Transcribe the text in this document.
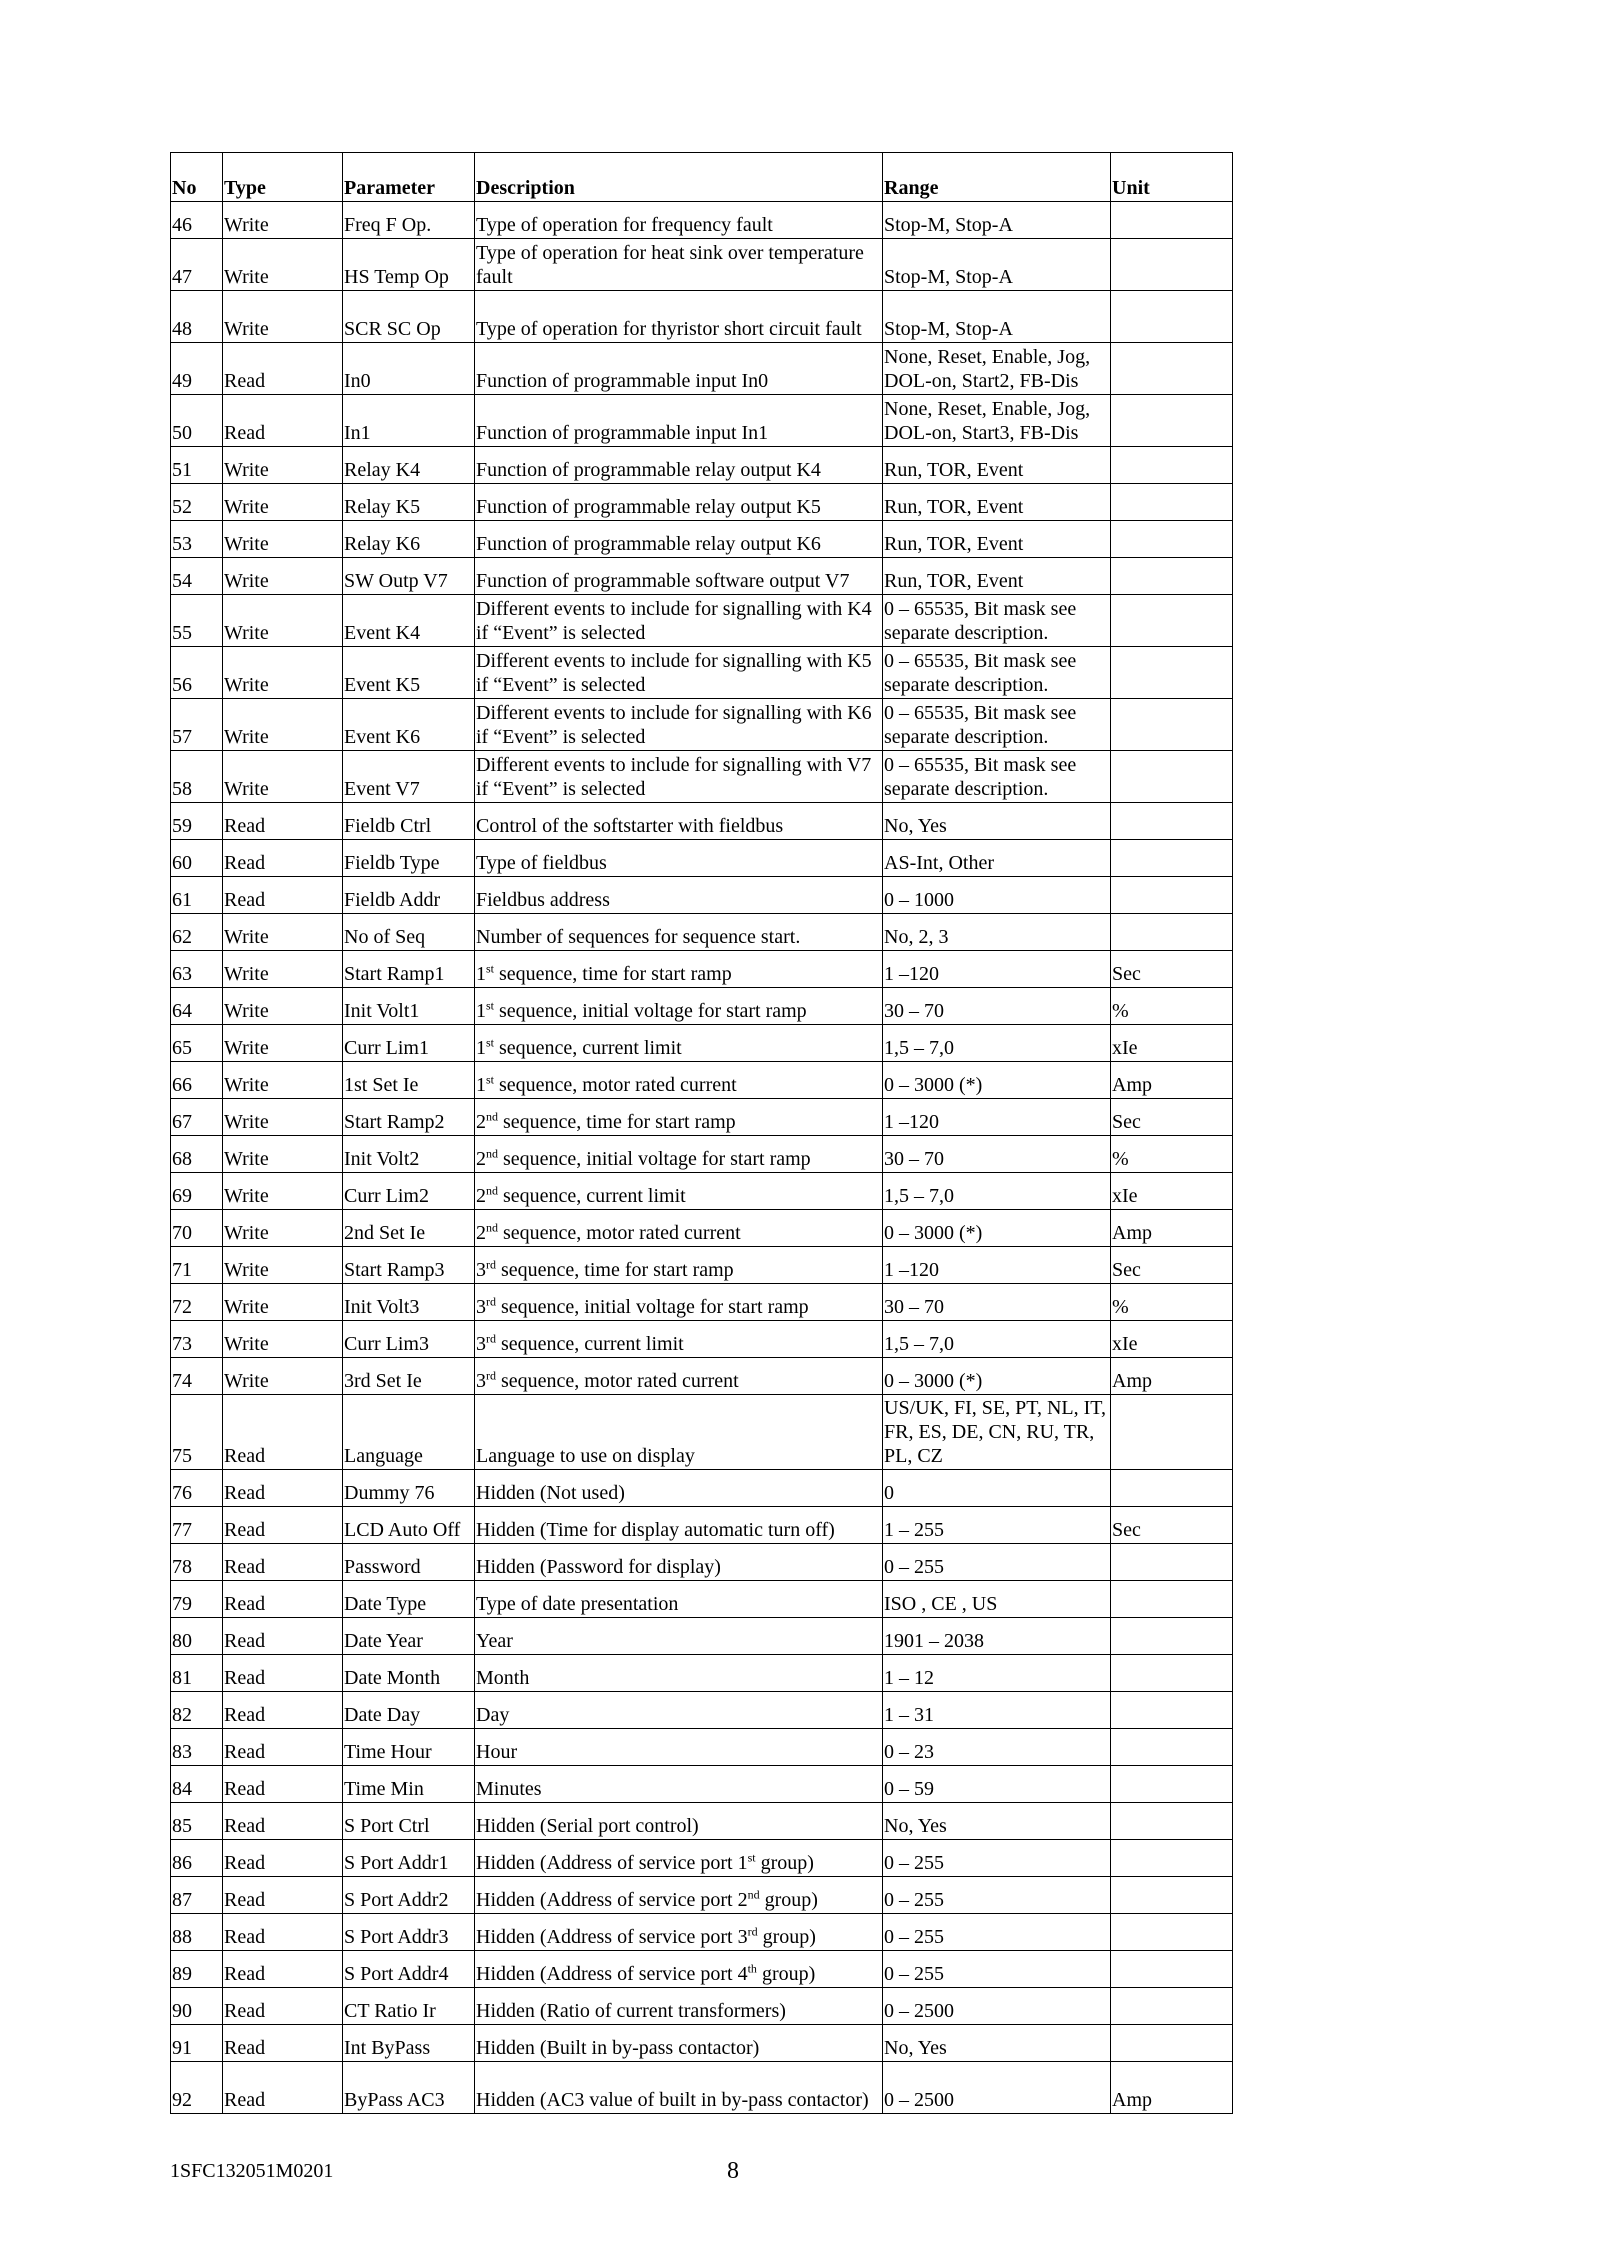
No	Type	Parameter	Description	Range	Unit
46	Write	Freq F Op.	Type of operation for frequency fault	Stop-M, Stop-A	
47	Write	HS Temp Op	Type of operation for heat sink over temperature fault	Stop-M, Stop-A	
48	Write	SCR SC Op	Type of operation for thyristor short circuit fault	Stop-M, Stop-A	
49	Read	In0	Function of programmable input In0	None, Reset, Enable, Jog, DOL-on, Start2, FB-Dis	
50	Read	In1	Function of programmable input In1	None, Reset, Enable, Jog, DOL-on, Start3, FB-Dis	
51	Write	Relay K4	Function of programmable relay output K4	Run, TOR, Event	
52	Write	Relay K5	Function of programmable relay output K5	Run, TOR, Event	
53	Write	Relay K6	Function of programmable relay output K6	Run, TOR, Event	
54	Write	SW Outp V7	Function of programmable software output V7	Run, TOR, Event	
55	Write	Event K4	Different events to include for signalling with K4 if “Event” is selected	0 – 65535, Bit mask see separate description.	
56	Write	Event K5	Different events to include for signalling with K5 if “Event” is selected	0 – 65535, Bit mask see separate description.	
57	Write	Event K6	Different events to include for signalling with K6 if “Event” is selected	0 – 65535, Bit mask see separate description.	
58	Write	Event V7	Different events to include for signalling with V7 if “Event” is selected	0 – 65535, Bit mask see separate description.	
59	Read	Fieldb Ctrl	Control of the softstarter with fieldbus	No, Yes	
60	Read	Fieldb Type	Type of fieldbus	AS-Int, Other	
61	Read	Fieldb Addr	Fieldbus address	0 – 1000	
62	Write	No of Seq	Number of sequences for sequence start.	No, 2, 3	
63	Write	Start Ramp1	1st sequence, time for start ramp	1 –120	Sec
64	Write	Init Volt1	1st sequence, initial voltage for start ramp	30 – 70	%
65	Write	Curr Lim1	1st sequence, current limit	1,5 – 7,0	xIe
66	Write	1st Set Ie	1st sequence, motor rated current	0 – 3000 (*)	Amp
67	Write	Start Ramp2	2nd sequence, time for start ramp	1 –120	Sec
68	Write	Init Volt2	2nd sequence, initial voltage for start ramp	30 – 70	%
69	Write	Curr Lim2	2nd sequence, current limit	1,5 – 7,0	xIe
70	Write	2nd Set Ie	2nd sequence, motor rated current	0 – 3000 (*)	Amp
71	Write	Start Ramp3	3rd sequence, time for start ramp	1 –120	Sec
72	Write	Init Volt3	3rd sequence, initial voltage for start ramp	30 – 70	%
73	Write	Curr Lim3	3rd sequence, current limit	1,5 – 7,0	xIe
74	Write	3rd Set Ie	3rd sequence, motor rated current	0 – 3000 (*)	Amp
75	Read	Language	Language to use on display	US/UK, FI, SE, PT, NL, IT, FR, ES, DE, CN, RU, TR, PL, CZ	
76	Read	Dummy 76	Hidden (Not used)	0	
77	Read	LCD Auto Off	Hidden (Time for display automatic turn off)	1 – 255	Sec
78	Read	Password	Hidden (Password for display)	0 – 255	
79	Read	Date Type	Type of date presentation	ISO , CE , US	
80	Read	Date Year	Year	1901 – 2038	
81	Read	Date Month	Month	1 – 12	
82	Read	Date Day	Day	1 – 31	
83	Read	Time Hour	Hour	0 – 23	
84	Read	Time Min	Minutes	0 – 59	
85	Read	S Port Ctrl	Hidden (Serial port control)	No, Yes	
86	Read	S Port Addr1	Hidden (Address of service port 1st group)	0 – 255	
87	Read	S Port Addr2	Hidden (Address of service port 2nd group)	0 – 255	
88	Read	S Port Addr3	Hidden (Address of service port 3rd group)	0 – 255	
89	Read	S Port Addr4	Hidden (Address of service port 4th group)	0 – 255	
90	Read	CT Ratio Ir	Hidden (Ratio of current transformers)	0 – 2500	
91	Read	Int ByPass	Hidden (Built in by-pass contactor)	No, Yes	
92	Read	ByPass AC3	Hidden (AC3 value of built in by-pass contactor)	0 – 2500	Amp
1SFC132051M0201	8
